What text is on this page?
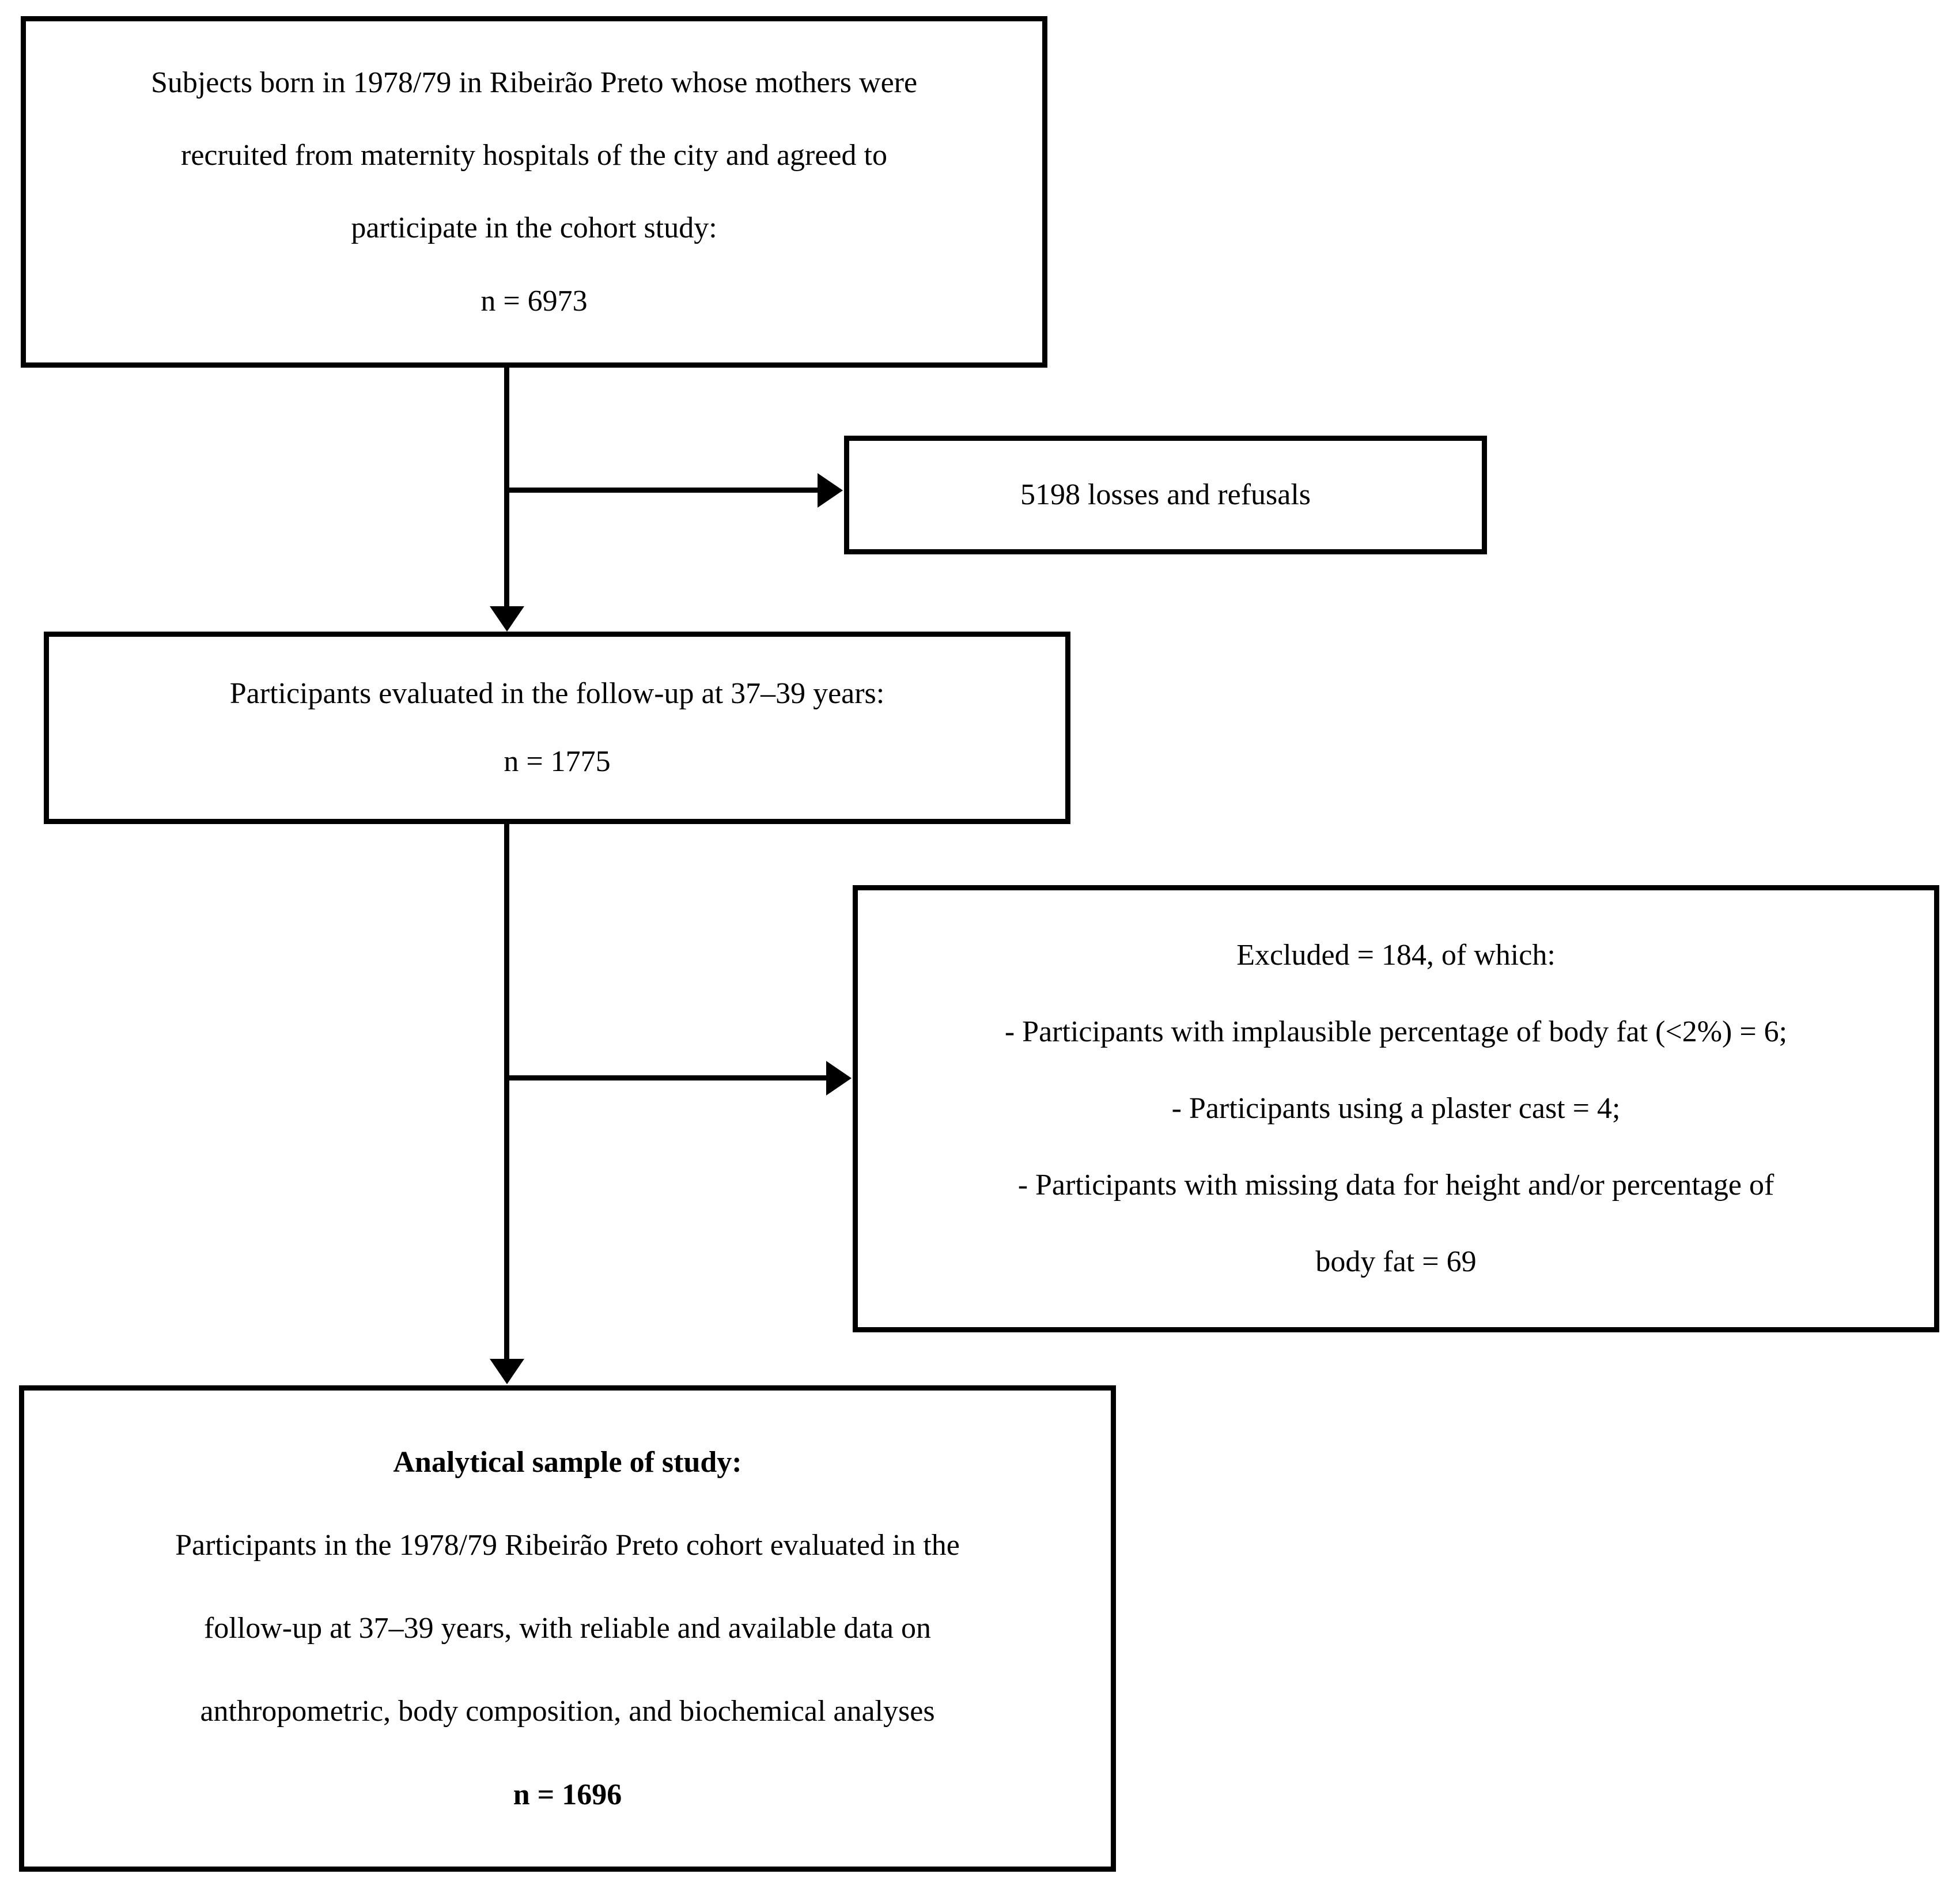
Subjects born in 1978/79 in Ribeirão Preto whose mothers were
recruited from maternity hospitals of the city and agreed to
participate in the cohort study:
n = 6973
5198 losses and refusals
Participants evaluated in the follow-up at 37–39 years:
n = 1775
Excluded = 184, of which:
- Participants with implausible percentage of body fat (<2%) = 6;
- Participants using a plaster cast = 4;
- Participants with missing data for height and/or percentage of
body fat = 69
Analytical sample of study:
Participants in the 1978/79 Ribeirão Preto cohort evaluated in the
follow-up at 37–39 years, with reliable and available data on
anthropometric, body composition, and biochemical analyses
n = 1696
